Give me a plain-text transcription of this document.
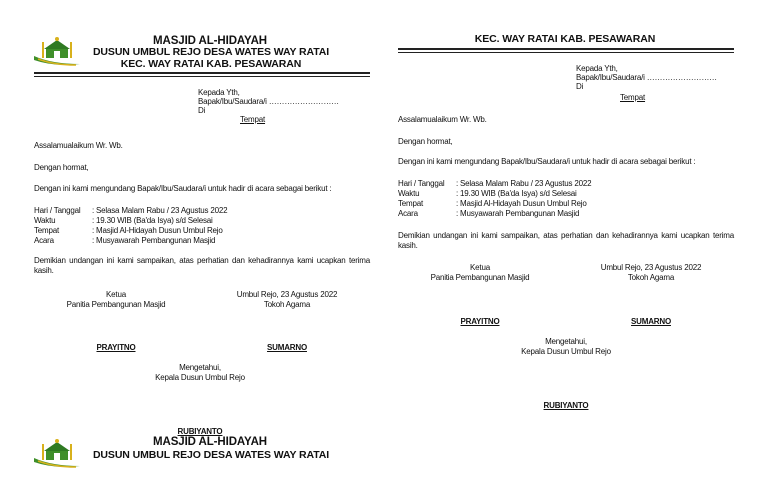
MASJID AL-HIDAYAH
DUSUN UMBUL REJO DESA WATES WAY RATAI
KEC. WAY RATAI KAB. PESAWARAN
Kepada Yth,
Bapak/Ibu/Saudara/i ………………………
Di
Tempat
Assalamualaikum Wr. Wb.
Dengan hormat,
Dengan ini kami mengundang Bapak/Ibu/Saudara/i untuk hadir di acara sebagai berikut :
Hari / Tanggal	: Selasa Malam Rabu / 23 Agustus 2022
Waktu	: 19.30 WIB (Ba'da Isya) s/d Selesai
Tempat	: Masjid Al-Hidayah Dusun Umbul Rejo
Acara	: Musyawarah Pembangunan Masjid
Demikian undangan ini kami sampaikan, atas perhatian dan kehadirannya kami ucapkan terima kasih.
Ketua
Panitia Pembangunan Masjid
Umbul Rejo, 23 Agustus 2022
Tokoh Agama
PRAYITNO	SUMARNO
Mengetahui,
Kepala Dusun Umbul Rejo
RUBIYANTO
MASJID AL-HIDAYAH
DUSUN UMBUL REJO DESA WATES WAY RATAI
KEC. WAY RATAI KAB. PESAWARAN
Kepada Yth,
Bapak/Ibu/Saudara/i ………………………
Di
Tempat
Assalamualaikum Wr. Wb.
Dengan hormat,
Dengan ini kami mengundang Bapak/Ibu/Saudara/i untuk hadir di acara sebagai berikut :
Hari / Tanggal	: Selasa Malam Rabu / 23 Agustus 2022
Waktu	: 19.30 WIB (Ba'da Isya) s/d Selesai
Tempat	: Masjid Al-Hidayah Dusun Umbul Rejo
Acara	: Musyawarah Pembangunan Masjid
Demikian undangan ini kami sampaikan, atas perhatian dan kehadirannya kami ucapkan terima kasih.
Ketua
Panitia Pembangunan Masjid
Umbul Rejo, 23 Agustus 2022
Tokoh Agama
PRAYITNO	SUMARNO
Mengetahui,
Kepala Dusun Umbul Rejo
RUBIYANTO
